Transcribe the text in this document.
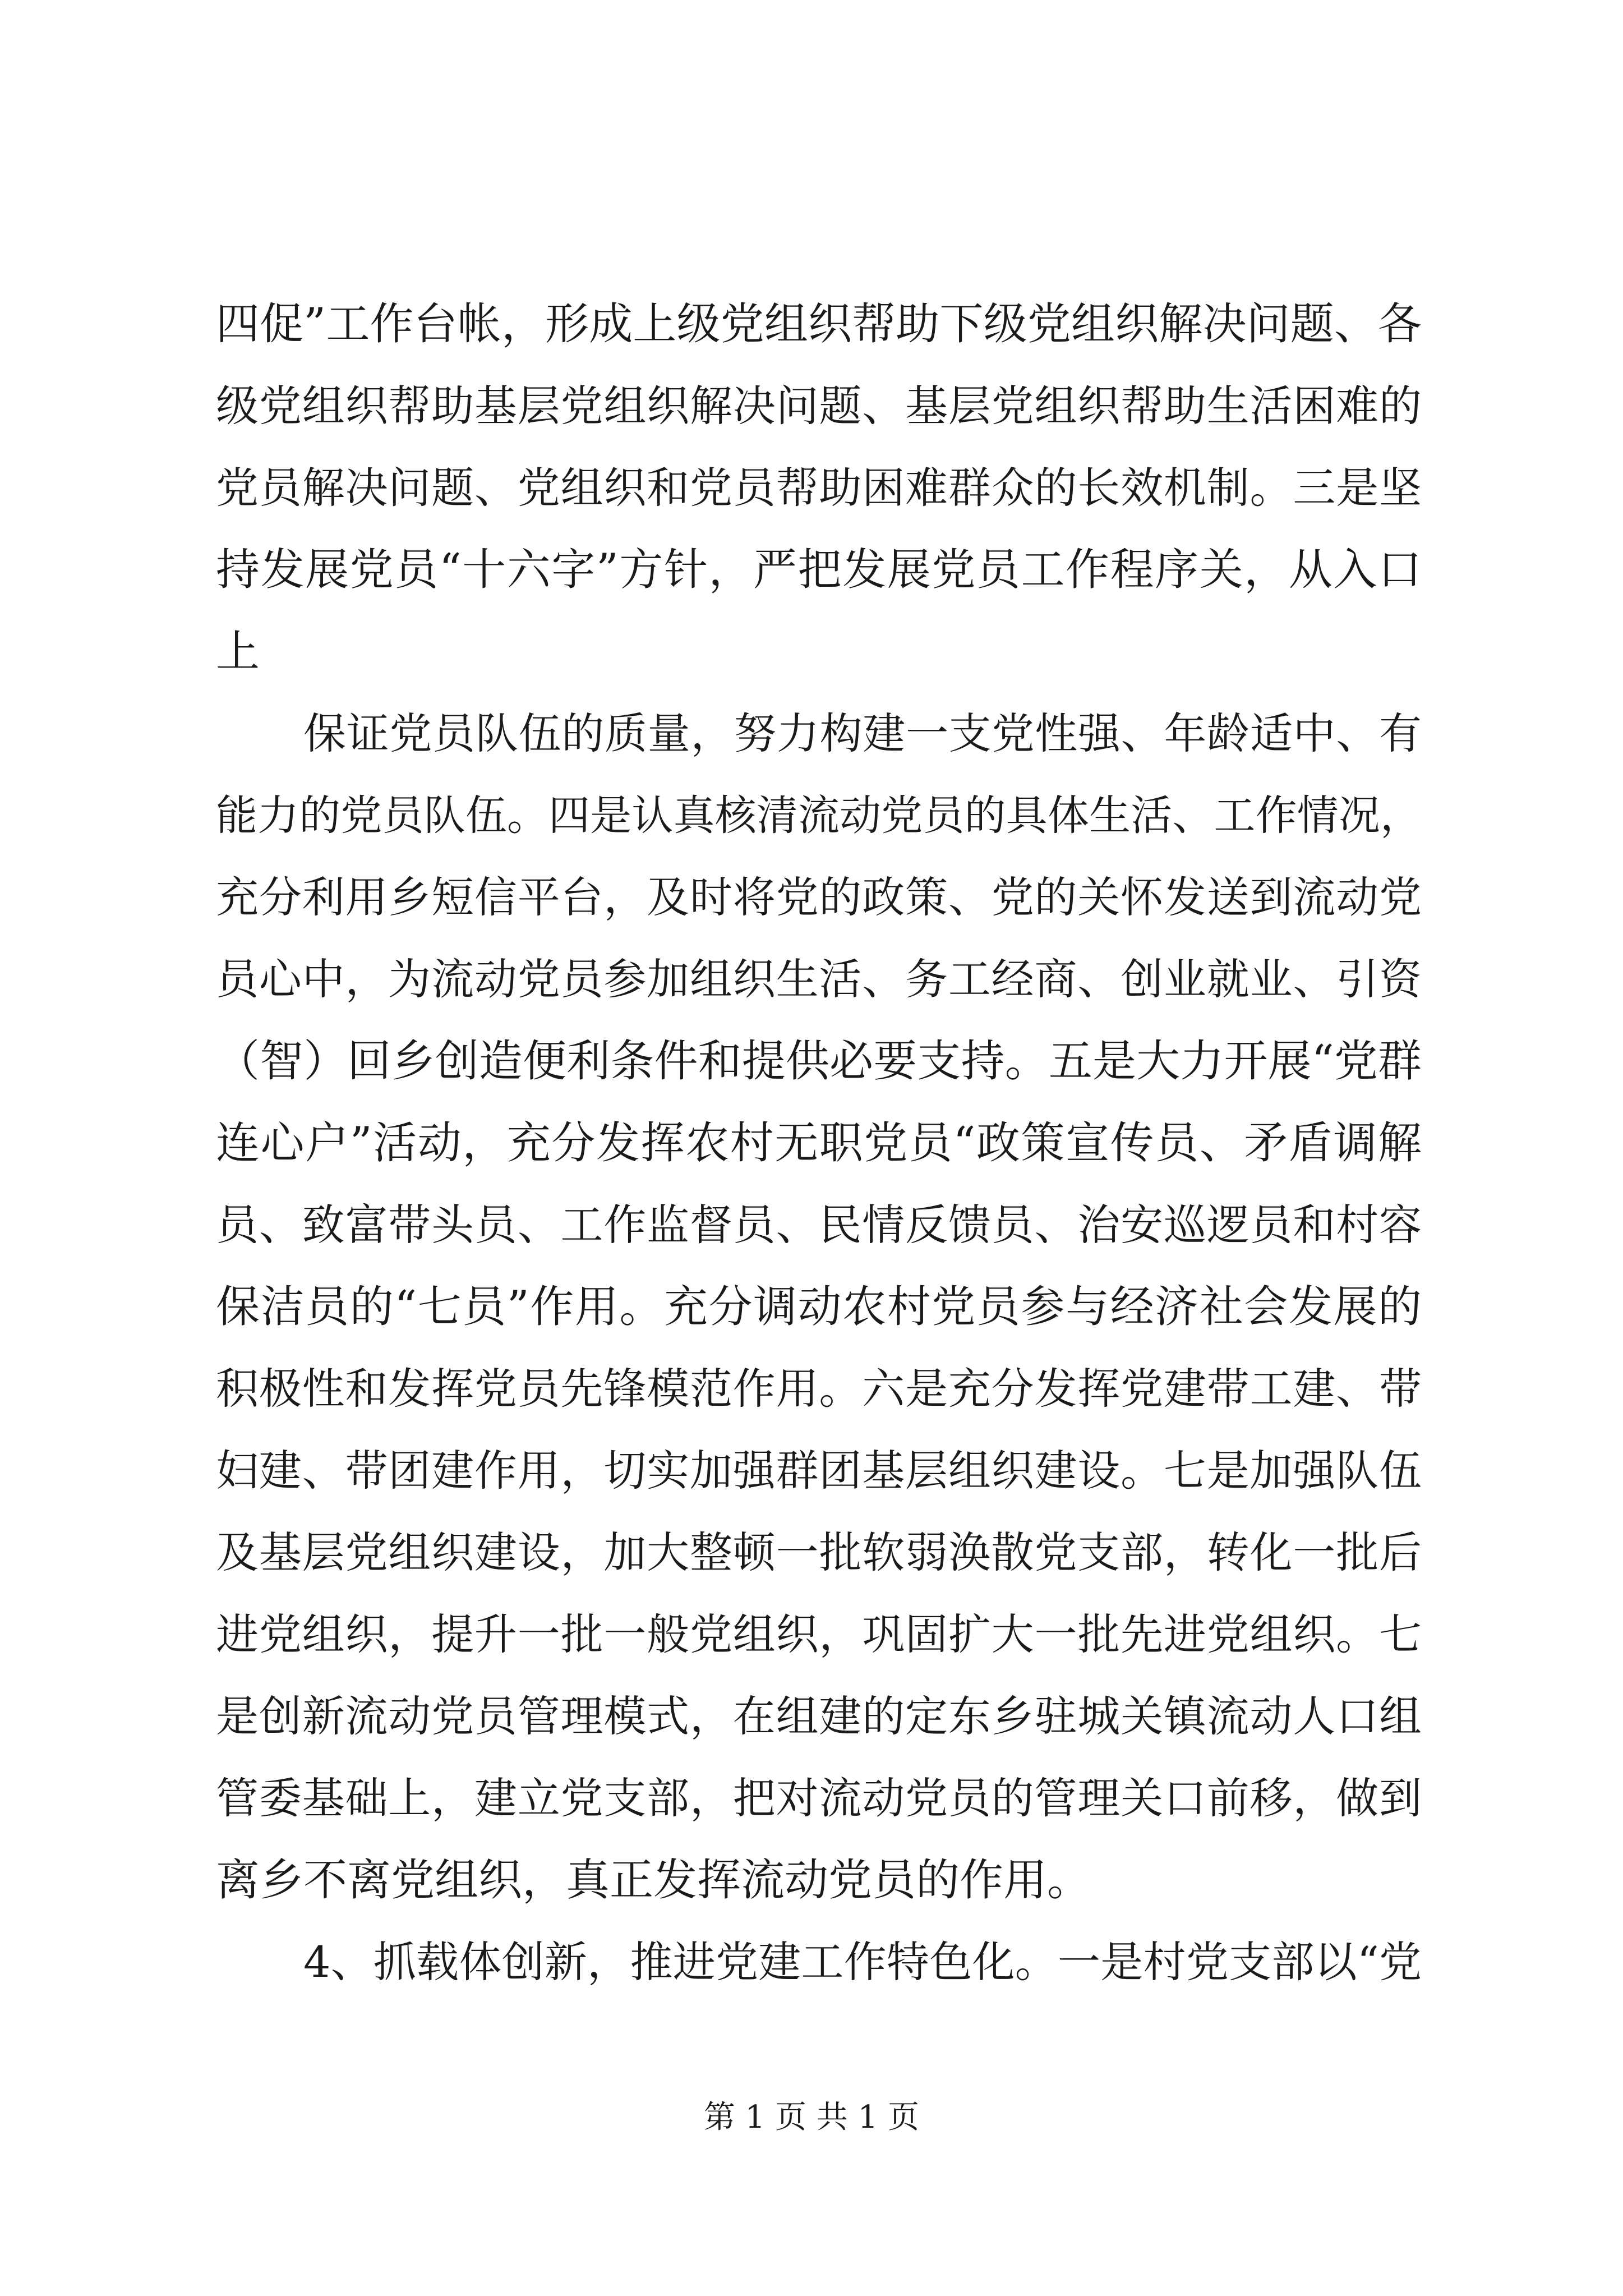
四促”工作台帐，形成上级党组织帮助下级党组织解决问题、各
级党组织帮助基层党组织解决问题、基层党组织帮助生活困难的
党员解决问题、党组织和党员帮助困难群众的长效机制。三是坚
持发展党员“十六字”方针，严把发展党员工作程序关，从入口
上
保证党员队伍的质量，努力构建一支党性强、年龄适中、有
能力的党员队伍。四是认真核清流动党员的具体生活、工作情况，
充分利用乡短信平台，及时将党的政策、党的关怀发送到流动党
员心中，为流动党员参加组织生活、务工经商、创业就业、引资
（智）回乡创造便利条件和提供必要支持。五是大力开展“党群
连心户”活动，充分发挥农村无职党员“政策宣传员、矛盾调解
员、致富带头员、工作监督员、民情反馈员、治安巡逻员和村容
保洁员的“七员”作用。充分调动农村党员参与经济社会发展的
积极性和发挥党员先锋模范作用。六是充分发挥党建带工建、带
妇建、带团建作用，切实加强群团基层组织建设。七是加强队伍
及基层党组织建设，加大整顿一批软弱涣散党支部，转化一批后
进党组织，提升一批一般党组织，巩固扩大一批先进党组织。七
是创新流动党员管理模式，在组建的定东乡驻城关镇流动人口组
管委基础上，建立党支部，把对流动党员的管理关口前移，做到
离乡不离党组织，真正发挥流动党员的作用。
4、抓载体创新，推进党建工作特色化。一是村党支部以“党
第 1 页 共 1 页
